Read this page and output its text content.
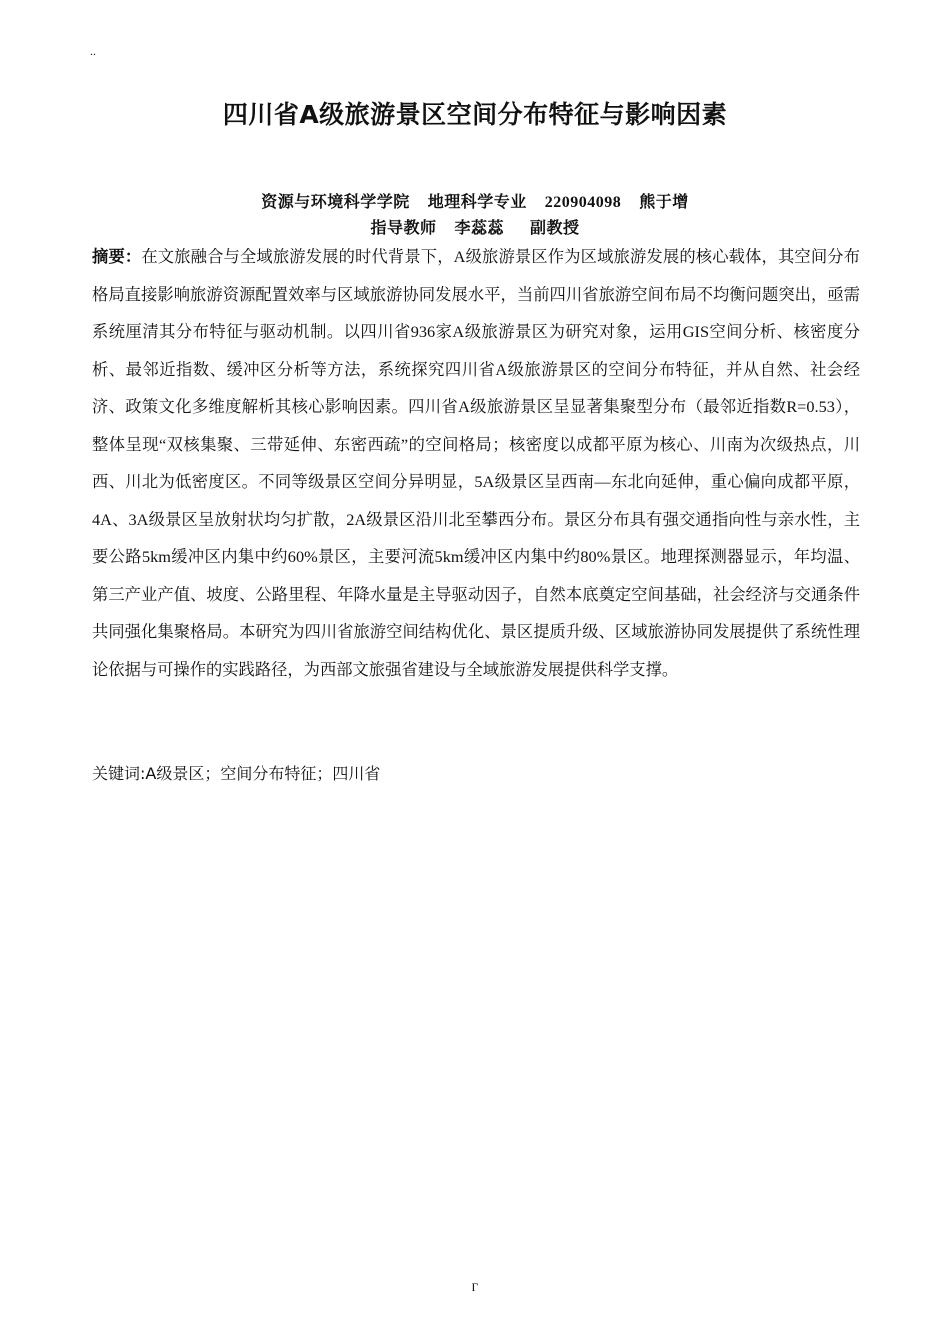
..
四川省A级旅游景区空间分布特征与影响因素
资源与环境科学学院 地理科学专业 220904098 熊于增
指导教师 李蕊蕊 副教授

摘要：在文旅融合与全域旅游发展的时代背景下，A级旅游景区作为区域旅游发展的核心载体，其空间分布格局直接影响旅游资源配置效率与区域旅游协同发展水平，当前四川省旅游空间布局不均衡问题突出，亟需系统厘清其分布特征与驱动机制。以四川省936家A级旅游景区为研究对象，运用GIS空间分析、核密度分析、最邻近指数、缓冲区分析等方法，系统探究四川省A级旅游景区的空间分布特征，并从自然、社会经济、政策文化多维度解析其核心影响因素。四川省A级旅游景区呈显著集聚型分布（最邻近指数R=0.53），整体呈现“双核集聚、三带延伸、东密西疏”的空间格局；核密度以成都平原为核心、川南为次级热点，川西、川北为低密度区。不同等级景区空间分异明显，5A级景区呈西南—东北向延伸，重心偏向成都平原，4A、3A级景区呈放射状均匀扩散，2A级景区沿川北至攀西分布。景区分布具有强交通指向性与亲水性，主要公路5km缓冲区内集中约60%景区，主要河流5km缓冲区内集中约80%景区。地理探测器显示，年均温、第三产业产值、坡度、公路里程、年降水量是主导驱动因子，自然本底奠定空间基础，社会经济与交通条件共同强化集聚格局。本研究为四川省旅游空间结构优化、景区提质升级、区域旅游协同发展提供了系统性理论依据与可操作的实践路径，为西部文旅强省建设与全域旅游发展提供科学支撑。

关键词:A级景区；空间分布特征；四川省

Γ
